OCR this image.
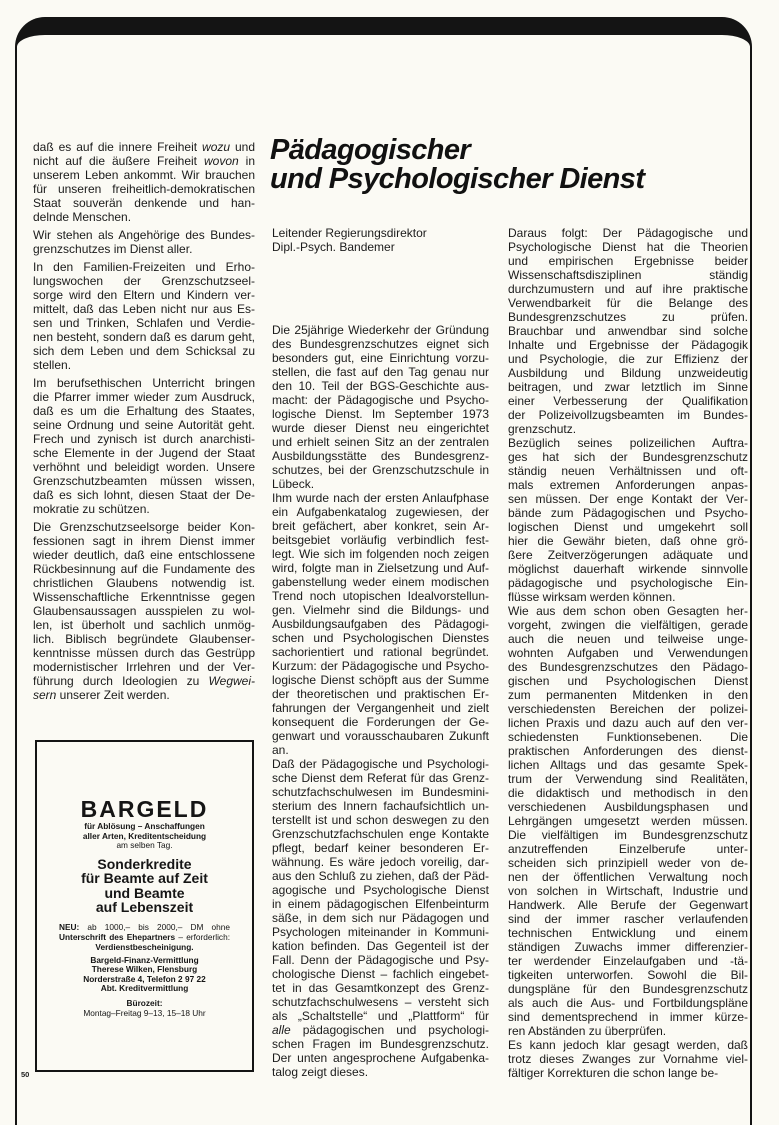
Pädagogischer
und Psychologischer Dienst
Leitender Regierungsdirektor
Dipl.-Psych. Bandemer
daß es auf die innere Freiheit wozu und
nicht auf die äußere Freiheit wovon in
unserem Leben ankommt. Wir brauchen
für unseren freiheitlich-demokratischen
Staat souverän denkende und han-
delnde Menschen.
Wir stehen als Angehörige des Bundes-
grenzschutzes im Dienst aller.
In den Familien-Freizeiten und Erho-
lungswochen der Grenzschutzseel-
sorge wird den Eltern und Kindern ver-
mittelt, daß das Leben nicht nur aus Es-
sen und Trinken, Schlafen und Verdie-
nen besteht, sondern daß es darum geht,
sich dem Leben und dem Schicksal zu
stellen.
Im berufsethischen Unterricht bringen
die Pfarrer immer wieder zum Ausdruck,
daß es um die Erhaltung des Staates,
seine Ordnung und seine Autorität geht.
Frech und zynisch ist durch anarchisti-
sche Elemente in der Jugend der Staat
verhöhnt und beleidigt worden. Unsere
Grenzschutzbeamten müssen wissen,
daß es sich lohnt, diesen Staat der De-
mokratie zu schützen.
Die Grenzschutzseelsorge beider Kon-
fessionen sagt in ihrem Dienst immer
wieder deutlich, daß eine entschlossene
Rückbesinnung auf die Fundamente des
christlichen Glaubens notwendig ist.
Wissenschaftliche Erkenntnisse gegen
Glaubensaussagen ausspielen zu wol-
len, ist überholt und sachlich unmög-
lich. Biblisch begründete Glaubenser-
kenntnisse müssen durch das Gestrüpp
modernistischer Irrlehren und der Ver-
führung durch Ideologien zu Wegwei-
sern unserer Zeit werden.
Die 25jährige Wiederkehr der Gründung
des Bundesgrenzschutzes eignet sich
besonders gut, eine Einrichtung vorzu-
stellen, die fast auf den Tag genau nur
den 10. Teil der BGS-Geschichte aus-
macht: der Pädagogische und Psycho-
logische Dienst. Im September 1973
wurde dieser Dienst neu eingerichtet
und erhielt seinen Sitz an der zentralen
Ausbildungsstätte des Bundesgrenz-
schutzes, bei der Grenzschutzschule in
Lübeck.
Ihm wurde nach der ersten Anlaufphase
ein Aufgabenkatalog zugewiesen, der
breit gefächert, aber konkret, sein Ar-
beitsgebiet vorläufig verbindlich fest-
legt. Wie sich im folgenden noch zeigen
wird, folgte man in Zielsetzung und Auf-
gabenstellung weder einem modischen
Trend noch utopischen Idealvorstellun-
gen. Vielmehr sind die Bildungs- und
Ausbildungsaufgaben des Pädagogi-
schen und Psychologischen Dienstes
sachorientiert und rational begründet.
Kurzum: der Pädagogische und Psycho-
logische Dienst schöpft aus der Summe
der theoretischen und praktischen Er-
fahrungen der Vergangenheit und zielt
konsequent die Forderungen der Ge-
genwart und vorausschaubaren Zukunft
an.
Daß der Pädagogische und Psychologi-
sche Dienst dem Referat für das Grenz-
schutzfachschulwesen im Bundesmini-
sterium des Innern fachaufsichtlich un-
terstellt ist und schon deswegen zu den
Grenzschutzfachschulen enge Kontakte
pflegt, bedarf keiner besonderen Er-
wähnung. Es wäre jedoch voreilig, dar-
aus den Schluß zu ziehen, daß der Päd-
agogische und Psychologische Dienst
in einem pädagogischen Elfenbeinturm
säße, in dem sich nur Pädagogen und
Psychologen miteinander in Kommuni-
kation befinden. Das Gegenteil ist der
Fall. Denn der Pädagogische und Psy-
chologische Dienst – fachlich eingebet-
tet in das Gesamtkonzept des Grenz-
schutzfachschulwesens – versteht sich
als „Schaltstelle“ und „Plattform“ für
alle pädagogischen und psychologi-
schen Fragen im Bundesgrenzschutz.
Der unten angesprochene Aufgabenka-
talog zeigt dieses.
Daraus folgt: Der Pädagogische und
Psychologische Dienst hat die Theorien
und empirischen Ergebnisse beider
Wissenschaftsdisziplinen ständig
durchzumustern und auf ihre praktische
Verwendbarkeit für die Belange des
Bundesgrenzschutzes zu prüfen.
Brauchbar und anwendbar sind solche
Inhalte und Ergebnisse der Pädagogik
und Psychologie, die zur Effizienz der
Ausbildung und Bildung unzweideutig
beitragen, und zwar letztlich im Sinne
einer Verbesserung der Qualifikation
der Polizeivollzugsbeamten im Bundes-
grenzschutz.
Bezüglich seines polizeilichen Auftra-
ges hat sich der Bundesgrenzschutz
ständig neuen Verhältnissen und oft-
mals extremen Anforderungen anpas-
sen müssen. Der enge Kontakt der Ver-
bände zum Pädagogischen und Psycho-
logischen Dienst und umgekehrt soll
hier die Gewähr bieten, daß ohne grö-
ßere Zeitverzögerungen adäquate und
möglichst dauerhaft wirkende sinnvolle
pädagogische und psychologische Ein-
flüsse wirksam werden können.
Wie aus dem schon oben Gesagten her-
vorgeht, zwingen die vielfältigen, gerade
auch die neuen und teilweise unge-
wohnten Aufgaben und Verwendungen
des Bundesgrenzschutzes den Pädago-
gischen und Psychologischen Dienst
zum permanenten Mitdenken in den
verschiedensten Bereichen der polizei-
lichen Praxis und dazu auch auf den ver-
schiedensten Funktionsebenen. Die
praktischen Anforderungen des dienst-
lichen Alltags und das gesamte Spek-
trum der Verwendung sind Realitäten,
die didaktisch und methodisch in den
verschiedenen Ausbildungsphasen und
Lehrgängen umgesetzt werden müssen.
Die vielfältigen im Bundesgrenzschutz
anzutreffenden Einzelberufe unter-
scheiden sich prinzipiell weder von de-
nen der öffentlichen Verwaltung noch
von solchen in Wirtschaft, Industrie und
Handwerk. Alle Berufe der Gegenwart
sind der immer rascher verlaufenden
technischen Entwicklung und einem
ständigen Zuwachs immer differenzier-
ter werdender Einzelaufgaben und -tä-
tigkeiten unterworfen. Sowohl die Bil-
dungspläne für den Bundesgrenzschutz
als auch die Aus- und Fortbildungspläne
sind dementsprechend in immer kürze-
ren Abständen zu überprüfen.
Es kann jedoch klar gesagt werden, daß
trotz dieses Zwanges zur Vornahme viel-
fältiger Korrekturen die schon lange be-
BARGELD
für Ablösung – Anschaffungen
aller Arten, Kreditentscheidung
am selben Tag.
Sonderkredite
für Beamte auf Zeit
und Beamte
auf Lebenszeit
NEU: ab 1000,– bis 2000,– DM ohne Unterschrift des Ehepartners – erforderlich: Verdienstbescheinigung.
Bargeld-Finanz-Vermittlung
Therese Wilken, Flensburg
Norderstraße 4, Telefon 2 97 22
Abt. Kreditvermittlung
Bürozeit:
Montag–Freitag 9–13, 15–18 Uhr
50
